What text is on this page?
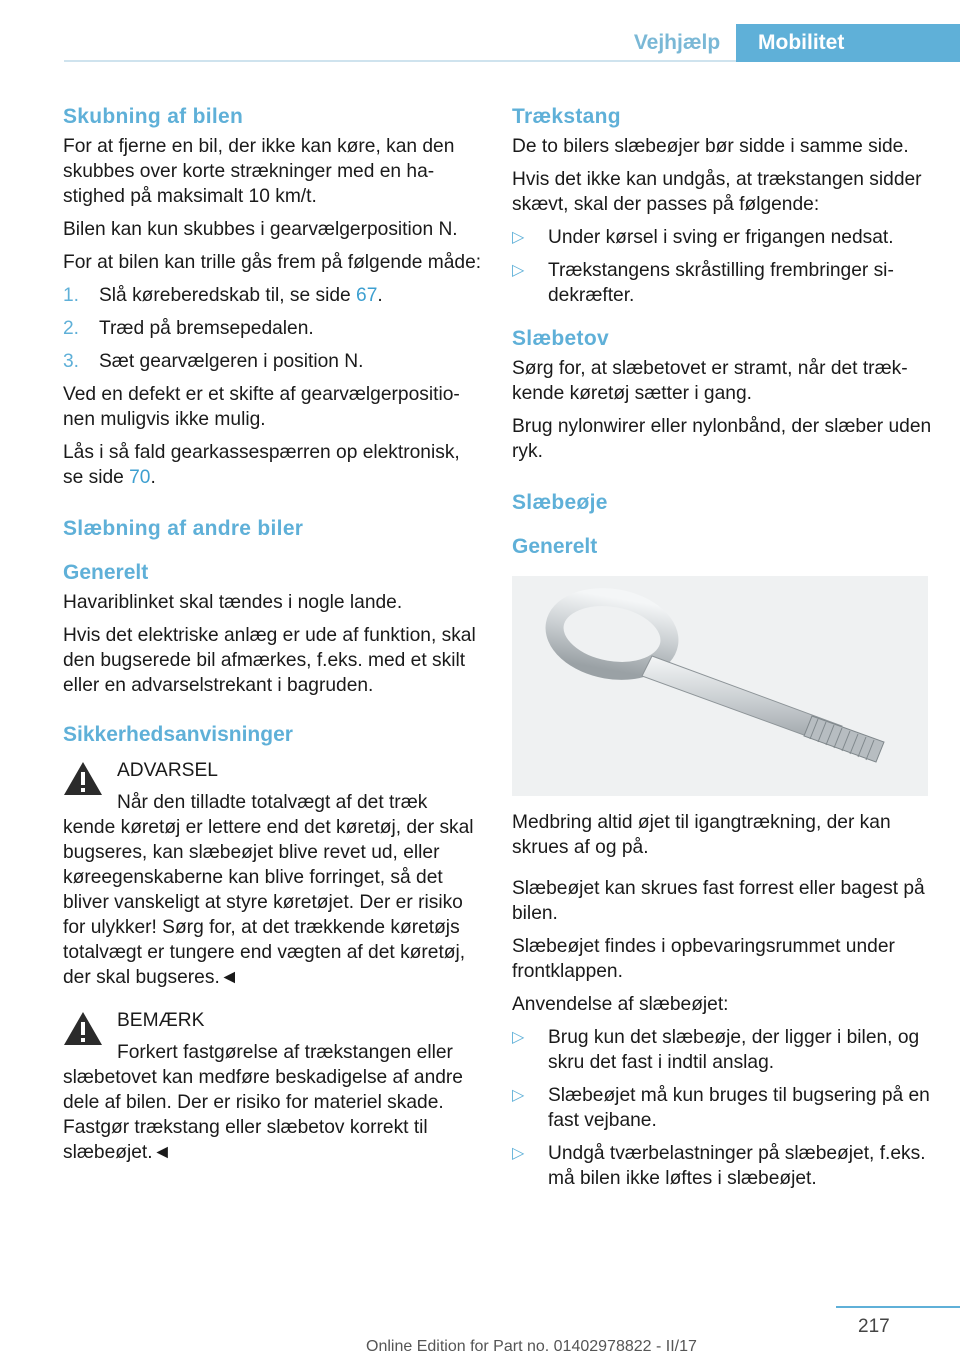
Vejhjælp	Mobilitet
Skubning af bilen

For at fjerne en bil, der ikke kan køre, kan den skubbes over korte strækninger med en hastighed på maksimalt 10 km/t.

Bilen kan kun skubbes i gearvælgerposition N.

For at bilen kan trille gås frem på følgende måde:

1. Slå køreberedskab til, se side 67.
2. Træd på bremsepedalen.
3. Sæt gearvælgeren i position N.

Ved en defekt er et skifte af gearvælgerpositionen muligvis ikke mulig.

Lås i så fald gearkassespærren op elektronisk, se side 70.

Slæbning af andre biler
Generelt

Havariblinket skal tændes i nogle lande.

Hvis det elektriske anlæg er ude af funktion, skal den bugserede bil afmærkes, f.eks. med et skilt eller en advarselstrekant i bagruden.

Sikkerhedsanvisninger
ADVARSEL

Når den tilladte totalvægt af det træk

kende køretøj er lettere end det køretøj, der skal bugseres, kan slæbeøjet blive revet ud, eller køreegenskaberne kan blive forringet, så det bliver vanskeligt at styre køretøjet. Der er risiko for ulykker! Sørg for, at det trækkende køretøjs totalvægt er tungere end vægten af det køretøj, der skal bugseres.◄

BEMÆRK

Forkert fastgørelse af trækstangen eller

slæbetovet kan medføre beskadigelse af andre dele af bilen. Der er risiko for materiel skade. Fastgør trækstang eller slæbetov korrekt til slæbeøjet.◄

Trækstang

De to bilers slæbeøjer bør sidde i samme side.

Hvis det ikke kan undgås, at trækstangen sidder skævt, skal der passes på følgende:

▷ Under kørsel i sving er frigangen nedsat.
▷ Trækstangens skråstilling frembringer sidekræfter.
Slæbetov

Sørg for, at slæbetovet er stramt, når det trækkende køretøj sætter i gang.

Brug nylonwirer eller nylonbånd, der slæber uden ryk.

Slæbeøje
Generelt

Medbring altid øjet til igangtrækning, der kan skrues af og på.

Slæbeøjet kan skrues fast forrest eller bagest på bilen.

Slæbeøjet findes i opbevaringsrummet under frontklappen.

Anvendelse af slæbeøjet:

▷ Brug kun det slæbeøje, der ligger i bilen, og skru det fast i indtil anslag.
▷ Slæbeøjet må kun bruges til bugsering på en fast vejbane.
▷ Undgå tværbelastninger på slæbeøjet, f.eks. må bilen ikke løftes i slæbeøjet.
217
Online Edition for Part no. 01402978822 - II/17
